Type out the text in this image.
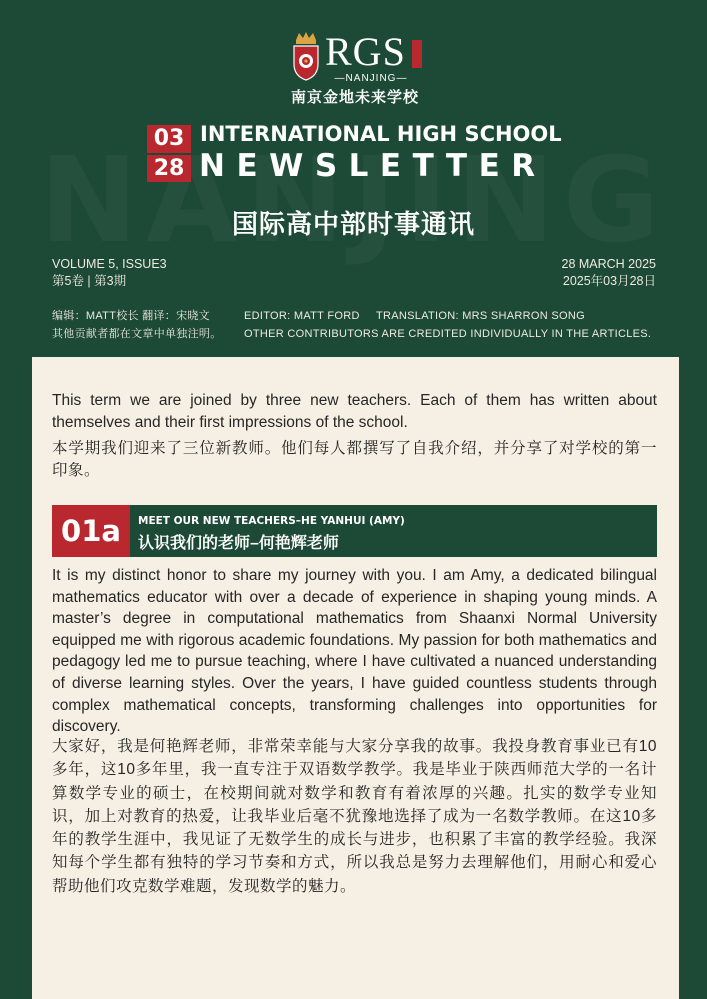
RGS
—NANJING—
南京金地未来学校
03
28
INTERNATIONAL HIGH SCHOOL
NEWSLETTER
国际高中部时事通讯
VOLUME 5, ISSUE3
第5卷 | 第3期
28 MARCH 2025
2025年03月28日
编辑：MATT校长 翻译：宋晓文
其他贡献者都在文章中单独注明。
EDITOR: MATT FORD TRANSLATION: MRS SHARRON SONG
OTHER CONTRIBUTORS ARE CREDITED INDIVIDUALLY IN THE ARTICLES.
This term we are joined by three new teachers. Each of them has written about themselves and their first impressions of the school.
本学期我们迎来了三位新教师。他们每人都撰写了自我介绍，并分享了对学校的第一印象。
01a	MEET OUR NEW TEACHERS–HE YANHUI (AMY)
认识我们的老师–何艳辉老师
It is my distinct honor to share my journey with you. I am Amy, a dedicated bilingual mathematics educator with over a decade of experience in shaping young minds. A master’s degree in computational mathematics from Shaanxi Normal University equipped me with rigorous academic foundations. My passion for both mathematics and pedagogy led me to pursue teaching, where I have cultivated a nuanced understanding of diverse learning styles. Over the years, I have guided countless students through complex mathematical concepts, transforming challenges into opportunities for discovery.
大家好，我是何艳辉老师，非常荣幸能与大家分享我的故事。我投身教育事业已有10多年，这10多年里，我一直专注于双语数学教学。我是毕业于陕西师范大学的一名计算数学专业的硕士，在校期间就对数学和教育有着浓厚的兴趣。扎实的数学专业知识，加上对教育的热爱，让我毕业后毫不犹豫地选择了成为一名数学教师。在这10多年的教学生涯中，我见证了无数学生的成长与进步，也积累了丰富的教学经验。我深知每个学生都有独特的学习节奏和方式，所以我总是努力去理解他们，用耐心和爱心帮助他们攻克数学难题，发现数学的魅力。
